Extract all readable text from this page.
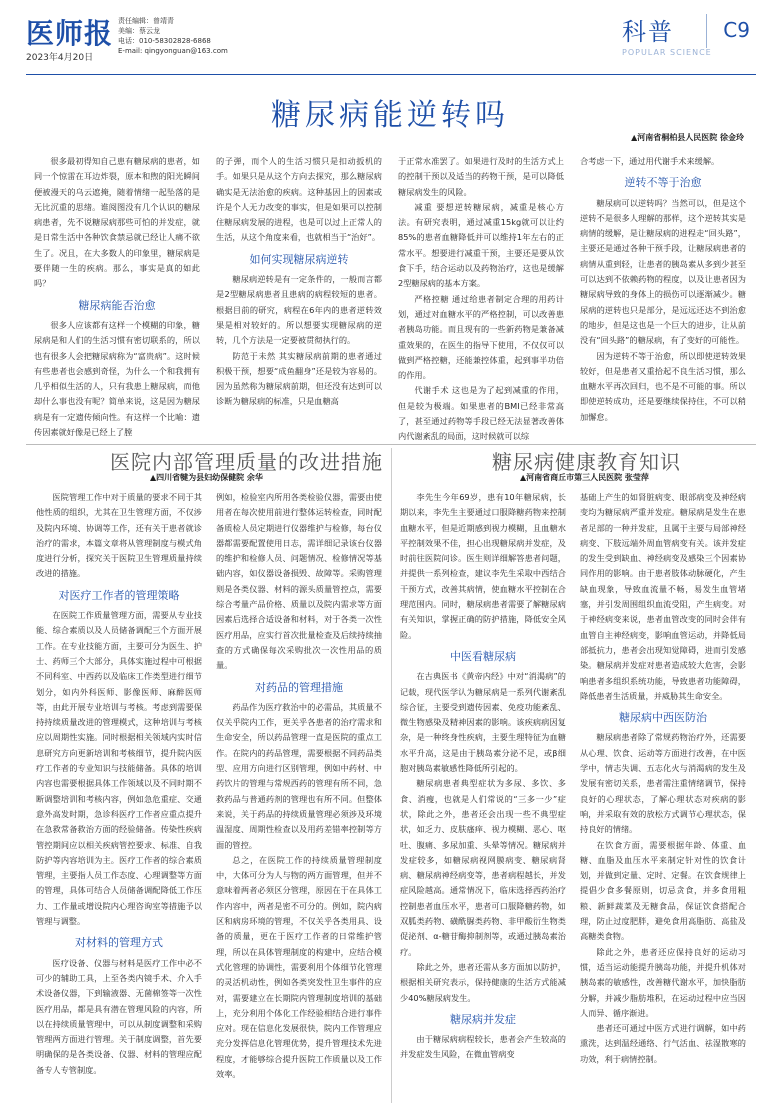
医师报
2023年4月20日
责任编辑：曾靖青
美编：蔡云龙
电话：010-58302828-6868
E-mail: qingyonguan@163.com
科普
POPULAR SCIENCE
C9
糖尿病能逆转吗
▲河南省桐柏县人民医院 徐金玲

很多最初得知自己患有糖尿病的患者，如同一个惊雷在耳边炸裂，原本和煦的阳光瞬间便被漫天的乌云遮掩，随着情绪一起坠落的是无比沉重的思绪。谁阅图没有几个认识的糖尿病患者，先不说糖尿病那些可怕的并发症，就是日常生活中各种饮食禁忌就已经让人痛不欲生了。况且，在大多数人的印象里，糖尿病是要伴随一生的疾病。那么，事实是真的如此吗？

糖尿病能否治愈

很多人应该都有这样一个模糊的印象，糖尿病是和人们的生活习惯有密切联系的，所以也有很多人会把糖尿病称为“富贵病”。这时候有些患者也会感到奇怪，为什么一个和我拥有几乎相似生活的人，只有我患上糖尿病，而他却什么事也没有呢？简单来说，这是因为糖尿病是有一定遗传倾向性。有这样一个比喻：遗传因素就好像是已经上了膛

的子弹，而个人的生活习惯只是扣动扳机的手。如果只是从这个方向去探究，那么糖尿病确实是无法治愈的疾病。这种基因上的因素或许是个人无力改变的事实，但是如果可以控制住糖尿病发展的进程，也是可以过上正常人的生活，从这个角度来看，也就相当于“治好”。

如何实现糖尿病逆转

糖尿病逆转是有一定条件的，一般而言都是2型糖尿病患者且患病的病程较短的患者。根据目前的研究，病程在6年内的患者逆转效果是相对较好的。所以想要实现糖尿病的逆转，几个方法是一定要被贯彻执行的。

防范于未然 其实糖尿病前期的患者通过积极干预，想要“成鱼翻身”还是较为容易的。因为虽然称为糖尿病前期，但还没有达到可以诊断为糖尿病的标准，只是血糖高

于正常水准罢了。如果进行及时的生活方式上的控制干预以及适当的药物干预，是可以降低糖尿病发生的风险。

减重 要想逆转糖尿病，减重是核心方法。有研究表明，通过减重15kg就可以让约85%的患者血糖降低并可以维持1年左右的正常水平。想要进行减重干预，主要还是要从饮食下手，结合运动以及药物治疗，这也是缓解2型糖尿病的基本方案。

严格控糖 通过给患者制定合理的用药计划，通过对血糖水平的严格控制，可以改善患者胰岛功能。而且现有的一些新药物是兼备减重效果的，在医生的指导下使用，不仅仅可以做到严格控糖，还能兼控体重，起到事半功倍的作用。

代谢手术 这也是为了起到减重的作用，但是较为极端。如果患者的BMI已经非常高了，甚至通过药物等手段已经无法显著改善体内代谢紊乱的局面，这时候就可以综

合考虑一下，通过用代谢手术来缓解。

逆转不等于治愈

糖尿病可以逆转吗？当然可以，但是这个逆转不是很多人理解的那样，这个逆转其实是病情的缓解，是让糖尿病的进程走“回头路”，主要还是通过各种干预手段，让糖尿病患者的病情从重到轻，让患者的胰岛素从多到少甚至可以达到不依赖药物的程度，以及让患者因为糖尿病导致的身体上的损伤可以逐渐减少。糖尿病的逆转也只是部分，是远远还达不到治愈的地步，但是这也是一个巨大的进步，让从前没有“回头路”的糖尿病，有了变好的可能性。

因为逆转不等于治愈，所以即使逆转效果较好，但是患者又重拾起不良生活习惯，那么血糖水平再次回归，也不是不可能的事。所以即使逆转成功，还是要继续保持住，不可以稍加懈怠。

医院内部管理质量的改进措施
▲四川省犍为县妇幼保健院 余华

医院管理工作中对于质量的要求不同于其他性质的组织，尤其在卫生管理方面，不仅涉及院内环境、协调等工作，还有关于患者就诊治疗的需求，本篇文章将从管理制度与模式角度进行分析，探究关于医院卫生管理质量持续改进的措施。

对医疗工作者的管理策略

在医院工作质量管理方面，需要从专业技能、综合素质以及人员储备调配三个方面开展工作。在专业技能方面，主要可分为医生、护士、药师三个大部分，具体实施过程中可根据不同科室、中西药以及临床工作类型进行细节划分，如内外科医师、影像医师、麻醉医师等，由此开展专业培训与考核。考虑到需要保持持续质量改进的管理模式，这种培训与考核应以周期性实施。同时根据相关领域内实时信息研究方向更新培训和考核细节，提升院内医疗工作者的专业知识与技能储备。具体的培训内容也需要根据具体工作领域以及不同时期不断调整培训和考核内容，例如急危重症、交通意外高发时期，急诊科医疗工作者应重点提升在急救常备救治方面的经验储备。传染性疾病管控期间应以相关疾病管控要求、标准、自我防护等内容培训为主。医疗工作者的综合素质管理，主要指人员工作态度、心理调整等方面的管理，具体可结合人员储备调配降低工作压力、工作量或增设院内心理咨询室等措施予以管理与调整。

对材料的管理方式

医疗设备、仪器与材料是医疗工作中必不可少的辅助工具，上至各类内镜手术、介入手术设备仪器，下到输液器、无菌棉签等一次性医疗用品，都是具有潜在管理风险的内容，所以在持续质量管理中，可以从制度调整和采购管理两方面进行管理。关于制度调整，首先要明确保的是各类设备、仪器、材料的管理应配备专人专管制度。

例如，检验室内所用各类检验仪器，需要由使用者在每次使用前进行整体运转检查，同时配备质检人员定期进行仪器维护与检修，每台仪器都需要配置使用日志，需详细记录该台仪器的维护和检修人员、问题情况、检修情况等基础内容，如仪器设备损毁、故障等。采购管理则是各类仪器、材料的源头质量管控点，需要综合考量产品价格、质量以及院内需求等方面因素后选择合适设备和材料，对于各类一次性医疗用品，应实行首次批量检查及后续持续抽查的方式确保每次采购批次一次性用品的质量。

对药品的管理措施

药品作为医疗救治中的必需品，其质量不仅关乎院内工作，更关乎各患者的治疗需求和生命安全，所以药品管理一直是医院的重点工作。在院内的药品管理，需要根据不同药品类型、应用方向进行区别管理，例如中药材、中药饮片的管理与常规西药的管理有所不同，急救药品与普通药剂的管理也有所不同。但整体来说，关于药品的持续质量管理必须涉及环境温湿度、周期性检查以及用药差错率控制等方面的管控。

总之，在医院工作的持续质量管理制度中，大体可分为人与物的两方面管理，但并不意味着两者必须区分管理，原因在于在具体工作内容中，两者是密不可分的。例如，院内病区和病房环境的管理，不仅关乎各类用具、设备的质量，更在于医疗工作者的日常维护管理，所以在具体管理制度的构建中，应结合模式化管理的协调性，需要利用个体细节化管理的灵活机动性，例如各类突发性卫生事件的应对，需要建立在长期院内管理制度培训的基础上，充分利用个体化工作经验相结合进行事件应对。现在信息化发展很快，院内工作管理应充分发挥信息化管理优势，提升管理技术先进程度，才能够综合提升医院工作质量以及工作效率。

糖尿病健康教育知识
▲河南省商丘市第三人民医院 张莹萍

李先生今年69岁，患有10年糖尿病，长期以来，李先生主要通过口服降糖药物来控制血糖水平，但是近期感到视力模糊，且血糖水平控制效果不佳，担心出现糖尿病并发症，及时前往医院问诊。医生则详细解答患者问题，并提供一系列检查，建议李先生采取中西结合干预方式，改善其病情，使血糖水平控制在合理范围内。同时，糖尿病患者需要了解糖尿病有关知识，掌握正确的防护措施，降低安全风险。

中医看糖尿病

在古典医书《黄帝内经》中对“消渴病”的记载，现代医学认为糖尿病是一系列代谢紊乱综合征，主要受到遗传因素、免疫功能紊乱、微生物感染及精神因素的影响。该疾病病因复杂，是一种终身性疾病，主要生理特征为血糖水平升高，这是由于胰岛素分泌不足，或β细胞对胰岛素敏感性降低所引起的。

糖尿病患者典型症状为多尿、多饮、多食、消瘦，也就是人们常说的“三多一少”症状，除此之外，患者还会出现一些不典型症状，如乏力、皮肤瘙痒、视力模糊、恶心、呕吐、腹痛、多尿加重、头晕等情况。糖尿病并发症较多，如糖尿病视网膜病变、糖尿病肾病、糖尿病神经病变等，患者病程越长，并发症风险越高。通常情况下，临床选择西药治疗控制患者血压水平，患者可口服降糖药物，如双胍类药物、磺酰脲类药物、非甲酸衍生物类促泌剂、α-糖苷酶抑制剂等，或通过胰岛素治疗。

除此之外，患者还需从多方面加以防护，根据相关研究表示，保持健康的生活方式能减少40%糖尿病发生。

糖尿病并发症

由于糖尿病病程较长，患者会产生较高的并发症发生风险，在微血管病变

基础上产生的如肾脏病变、眼部病变及神经病变均为糖尿病严重并发症。糖尿病是发生在患者足部的一种并发症，且属于主要与局部神经病变、下肢远端外周血管病变有关。该并发症的发生受到缺血、神经病变及感染三个因素协同作用的影响。由于患者肢体动脉硬化，产生缺血现象，导致血流量不畅，易发生血管堵塞，并引发周围组织血流受阻，产生病变。对于神经病变来说，患者血管改变的同时会伴有血管自主神经病变，影响血管运动，并降低局部抵抗力，患者会出现知觉障碍，进而引发感染。糖尿病并发症对患者造成较大危害，会影响患者多组织系统功能，导致患者功能障碍，降低患者生活质量，并威胁其生命安全。

糖尿病中西医防治

糖尿病患者除了常规药物治疗外，还需要从心理、饮食、运动等方面进行改善，在中医学中，情志失调、五志化火与消渴病的发生及发展有密切关系，患者需注重情绪调节，保持良好的心理状态，了解心理状态对疾病的影响，并采取有效的放松方式调节心理状态，保持良好的情绪。

在饮食方面，需要根据年龄、体重、血糖、血脂及血压水平来制定针对性的饮食计划，并做到定量、定时、定餐。在饮食规律上提倡少食多餐原则，切忌贪食，并多食用粗粮、新鲜蔬菜及无糖食品，保证饮食搭配合理，防止过度肥胖，避免食用高脂肪、高盐及高糖类食物。

除此之外，患者还应保持良好的运动习惯，适当运动能提升胰岛功能，并提升机体对胰岛素的敏感性，改善糖代谢水平，加快脂肪分解，并减少脂肪堆积，在运动过程中应当因人而异、循序渐进。

患者还可通过中医方式进行调解，如中药熏洗，达到温经通络、行气活血、祛湿散寒的功效，利于病情控制。
